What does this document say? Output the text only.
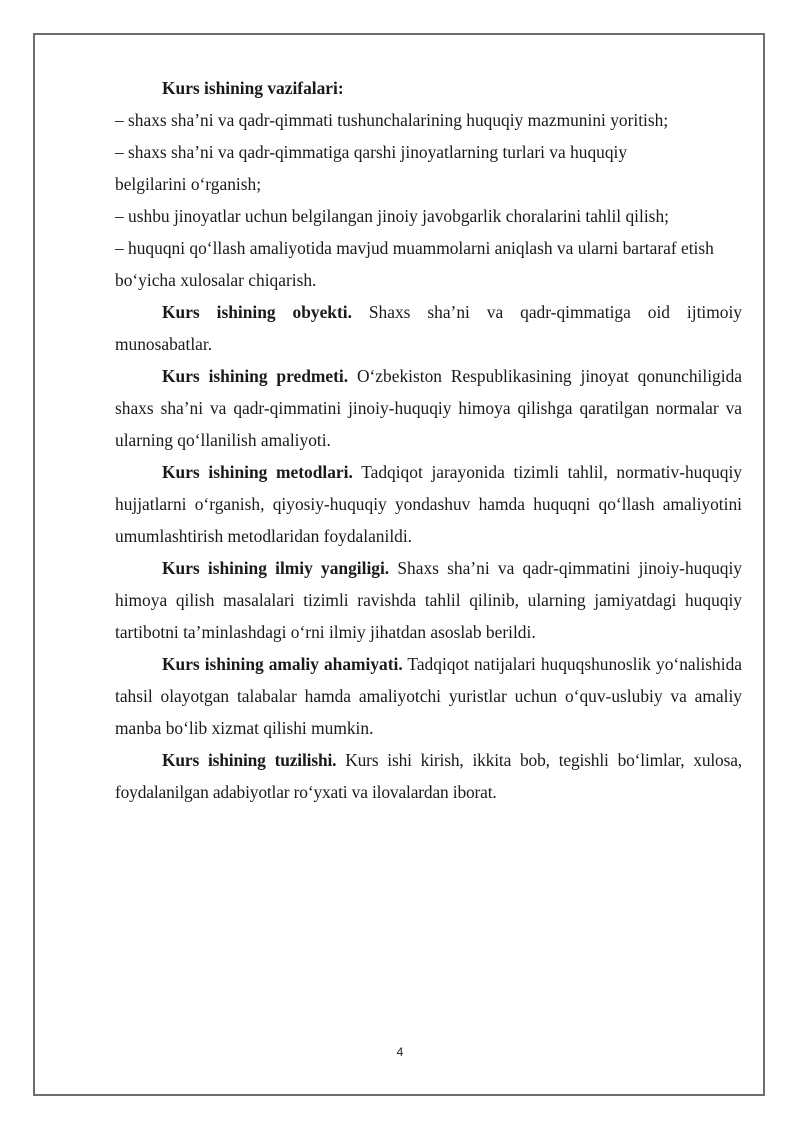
Kurs ishining vazifalari:

– shaxs sha’ni va qadr-qimmati tushunchalarining huquqiy mazmunini yoritish;

– shaxs sha’ni va qadr-qimmatiga qarshi jinoyatlarning turlari va huquqiy belgilarini o‘rganish;

– ushbu jinoyatlar uchun belgilangan jinoiy javobgarlik choralarini tahlil qilish;

– huquqni qo‘llash amaliyotida mavjud muammolarni aniqlash va ularni bartaraf etish bo‘yicha xulosalar chiqarish.

Kurs ishining obyekti. Shaxs sha’ni va qadr-qimmatiga oid ijtimoiy munosabatlar.

Kurs ishining predmeti. O‘zbekiston Respublikasining jinoyat qonunchiligida shaxs sha’ni va qadr-qimmatini jinoiy-huquqiy himoya qilishga qaratilgan normalar va ularning qo‘llanilish amaliyoti.

Kurs ishining metodlari. Tadqiqot jarayonida tizimli tahlil, normativ-huquqiy hujjatlarni o‘rganish, qiyosiy-huquqiy yondashuv hamda huquqni qo‘llash amaliyotini umumlashtirish metodlaridan foydalanildi.

Kurs ishining ilmiy yangiligi. Shaxs sha’ni va qadr-qimmatini jinoiy-huquqiy himoya qilish masalalari tizimli ravishda tahlil qilinib, ularning jamiyatdagi huquqiy tartibotni ta’minlashdagi o‘rni ilmiy jihatdan asoslab berildi.

Kurs ishining amaliy ahamiyati. Tadqiqot natijalari huquqshunoslik yo‘nalishida tahsil olayotgan talabalar hamda amaliyotchi yuristlar uchun o‘quv-uslubiy va amaliy manba bo‘lib xizmat qilishi mumkin.

Kurs ishining tuzilishi. Kurs ishi kirish, ikkita bob, tegishli bo‘limlar, xulosa, foydalanilgan adabiyotlar ro‘yxati va ilovalardan iborat.

4
